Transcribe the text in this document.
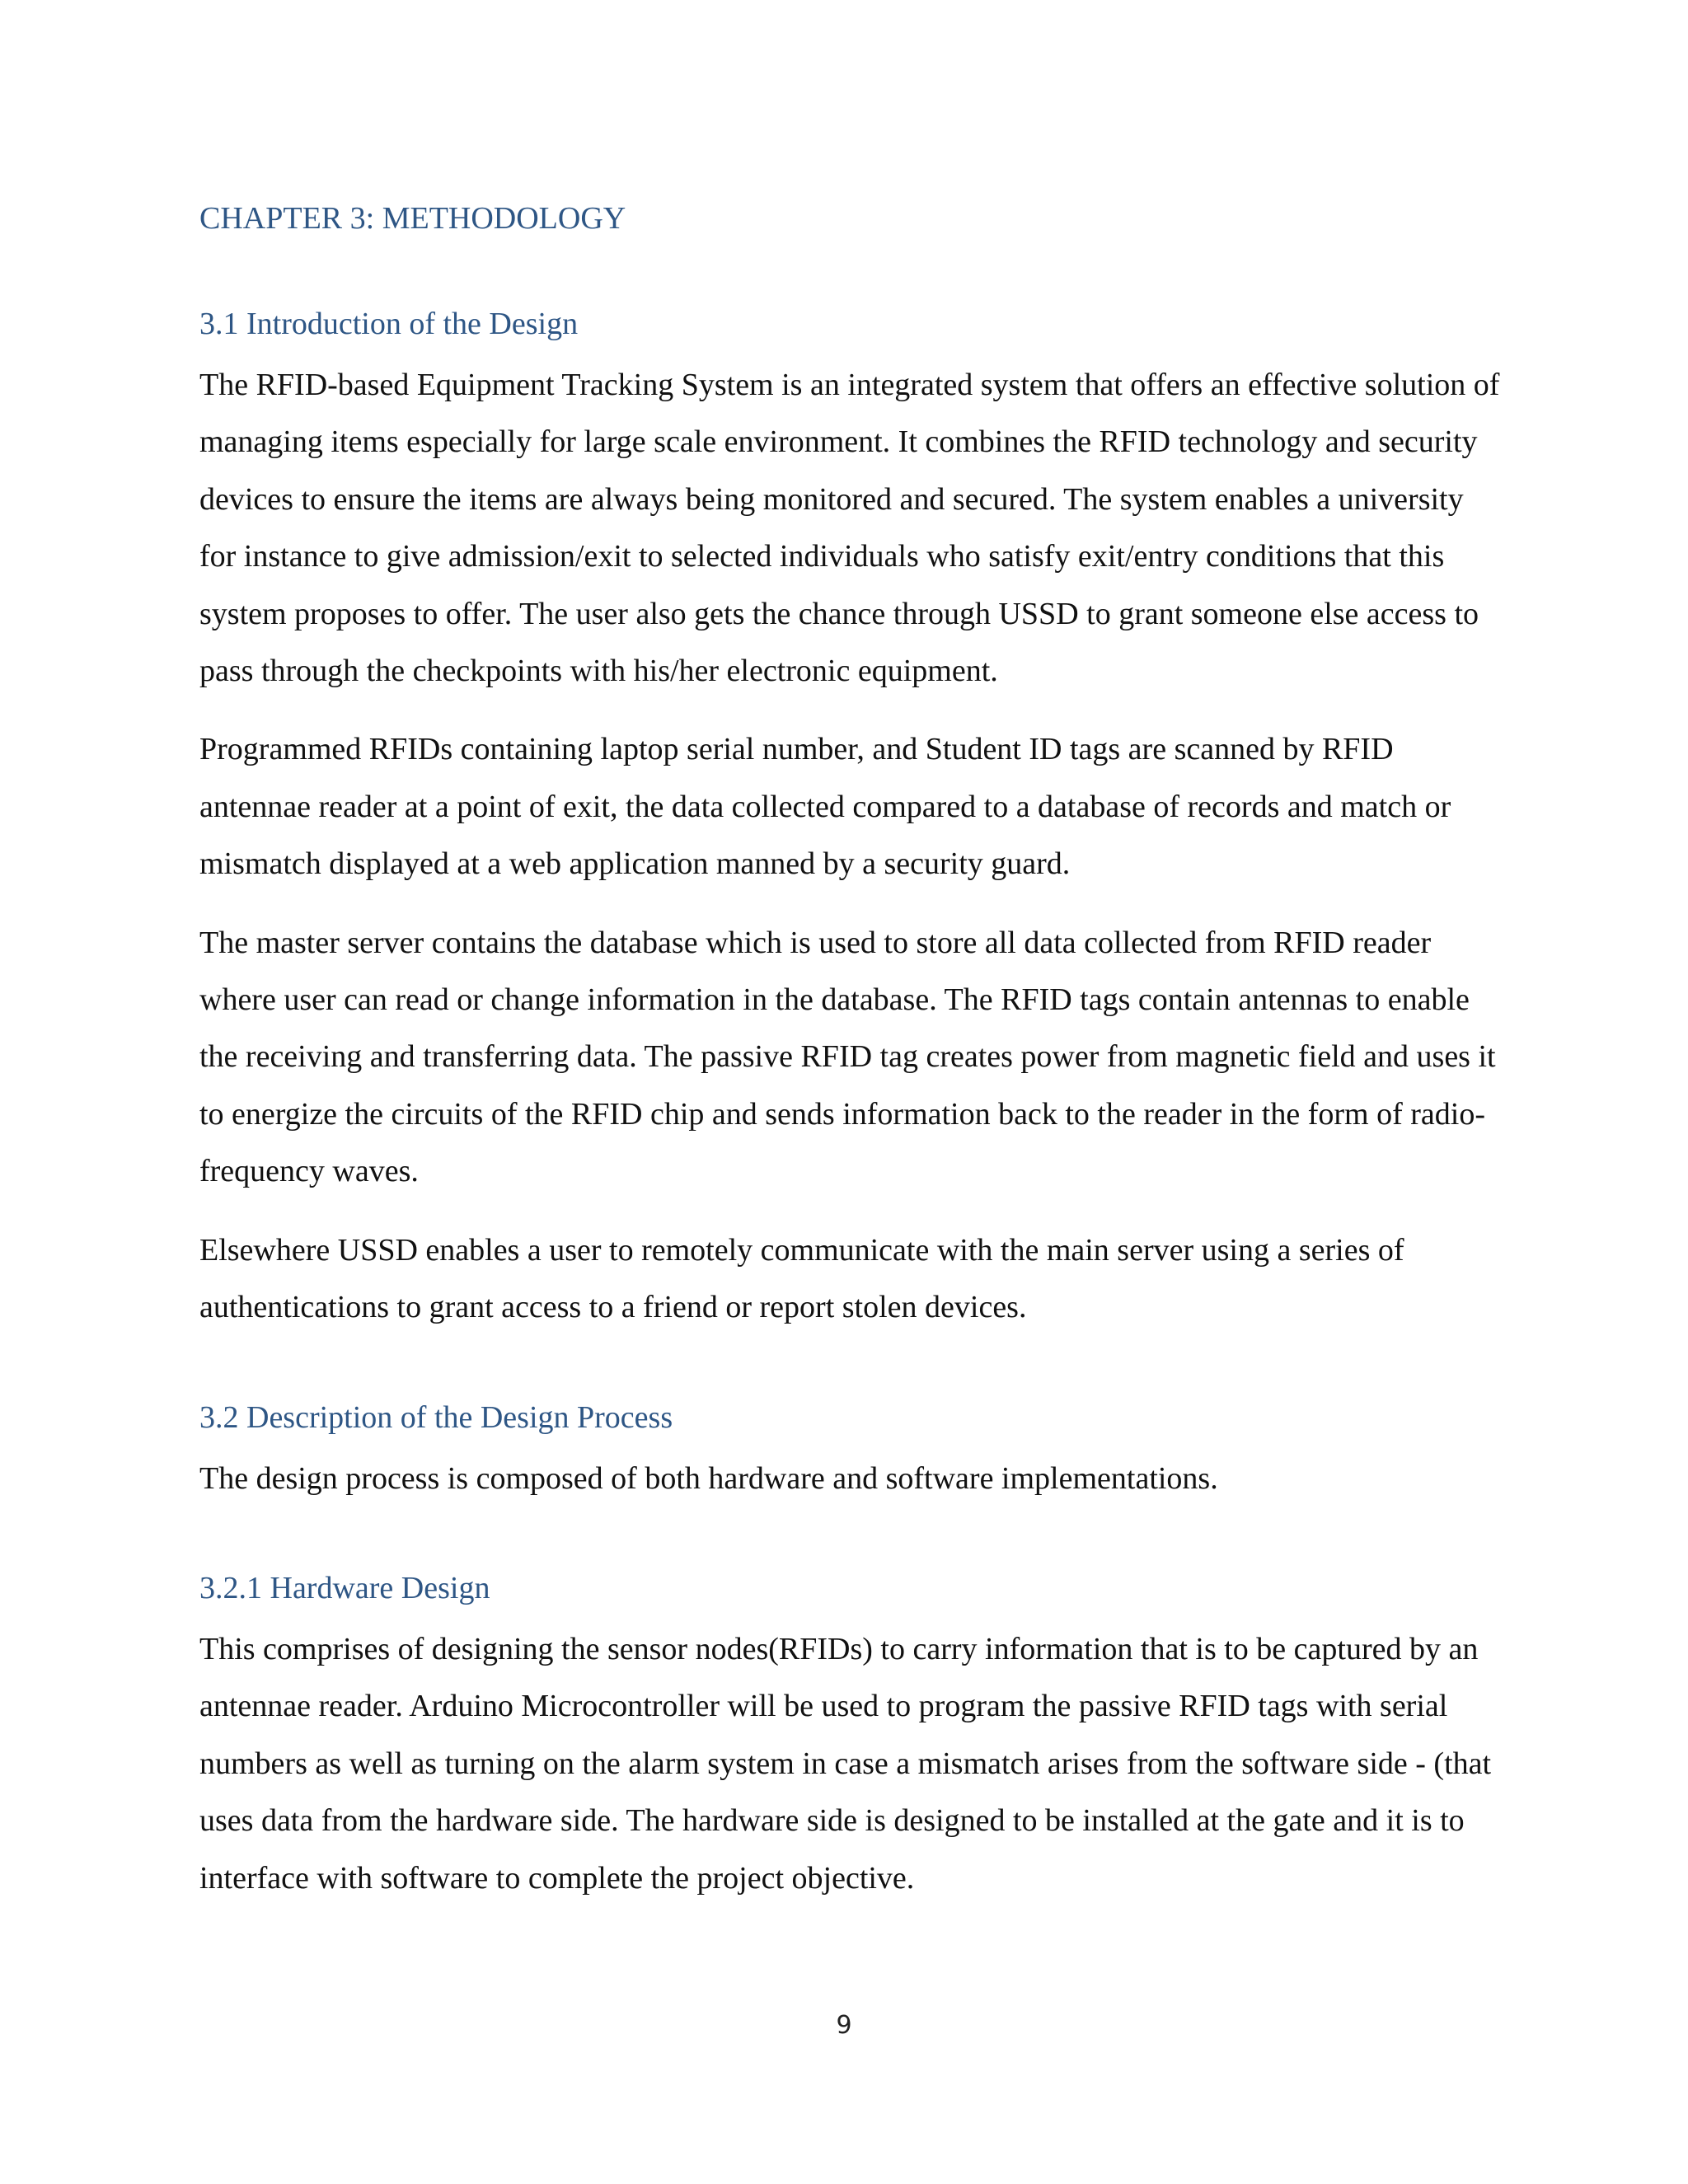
CHAPTER 3: METHODOLOGY
3.1 Introduction of the Design

The RFID-based Equipment Tracking System is an integrated system that offers an effective solution of managing items especially for large scale environment. It combines the RFID technology and security devices to ensure the items are always being monitored and secured. The system enables a university for instance to give admission/exit to selected individuals who satisfy exit/entry conditions that this system proposes to offer. The user also gets the chance through USSD to grant someone else access to pass through the checkpoints with his/her electronic equipment.

Programmed RFIDs containing laptop serial number, and Student ID tags are scanned by RFID antennae reader at a point of exit, the data collected compared to a database of records and match or mismatch displayed at a web application manned by a security guard.

The master server contains the database which is used to store all data collected from RFID reader where user can read or change information in the database. The RFID tags contain antennas to enable the receiving and transferring data. The passive RFID tag creates power from magnetic field and uses it to energize the circuits of the RFID chip and sends information back to the reader in the form of radio-frequency waves.

Elsewhere USSD enables a user to remotely communicate with the main server using a series of authentications to grant access to a friend or report stolen devices.

3.2 Description of the Design Process

The design process is composed of both hardware and software implementations.

3.2.1 Hardware Design

This comprises of designing the sensor nodes(RFIDs) to carry information that is to be captured by an antennae reader. Arduino Microcontroller will be used to program the passive RFID tags with serial numbers as well as turning on the alarm system in case a mismatch arises from the software side - (that uses data from the hardware side. The hardware side is designed to be installed at the gate and it is to interface with software to complete the project objective.

9
